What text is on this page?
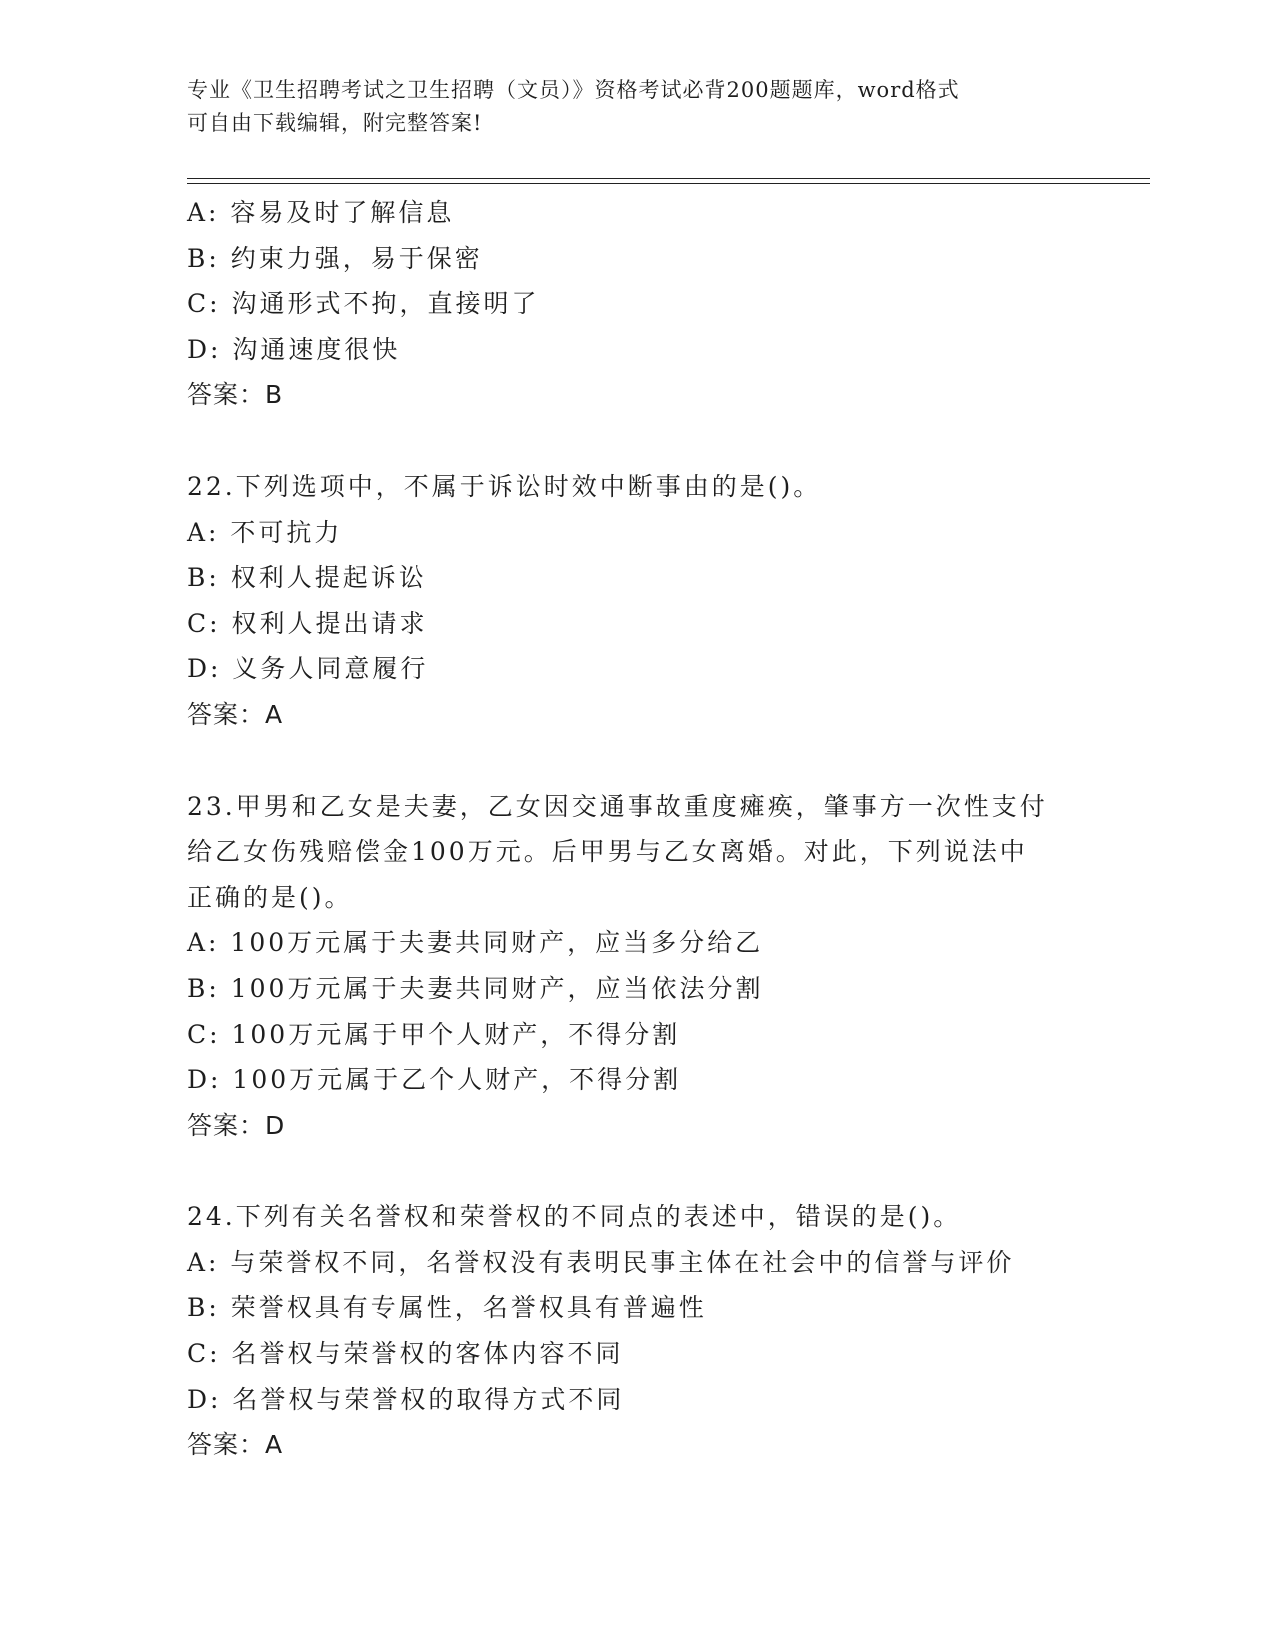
专业《卫生招聘考试之卫生招聘（文员）》资格考试必背200题题库，word格式
可自由下载编辑，附完整答案!
A: 容易及时了解信息
B: 约束力强，易于保密
C: 沟通形式不拘，直接明了
D: 沟通速度很快
答案：B
22.下列选项中，不属于诉讼时效中断事由的是()。
A: 不可抗力
B: 权利人提起诉讼
C: 权利人提出请求
D: 义务人同意履行
答案：A
23.甲男和乙女是夫妻，乙女因交通事故重度瘫痪，肇事方一次性支付
给乙女伤残赔偿金100万元。后甲男与乙女离婚。对此，下列说法中
正确的是()。
A: 100万元属于夫妻共同财产，应当多分给乙
B: 100万元属于夫妻共同财产，应当依法分割
C: 100万元属于甲个人财产，不得分割
D: 100万元属于乙个人财产，不得分割
答案：D
24.下列有关名誉权和荣誉权的不同点的表述中，错误的是()。
A: 与荣誉权不同，名誉权没有表明民事主体在社会中的信誉与评价
B: 荣誉权具有专属性，名誉权具有普遍性
C: 名誉权与荣誉权的客体内容不同
D: 名誉权与荣誉权的取得方式不同
答案：A
